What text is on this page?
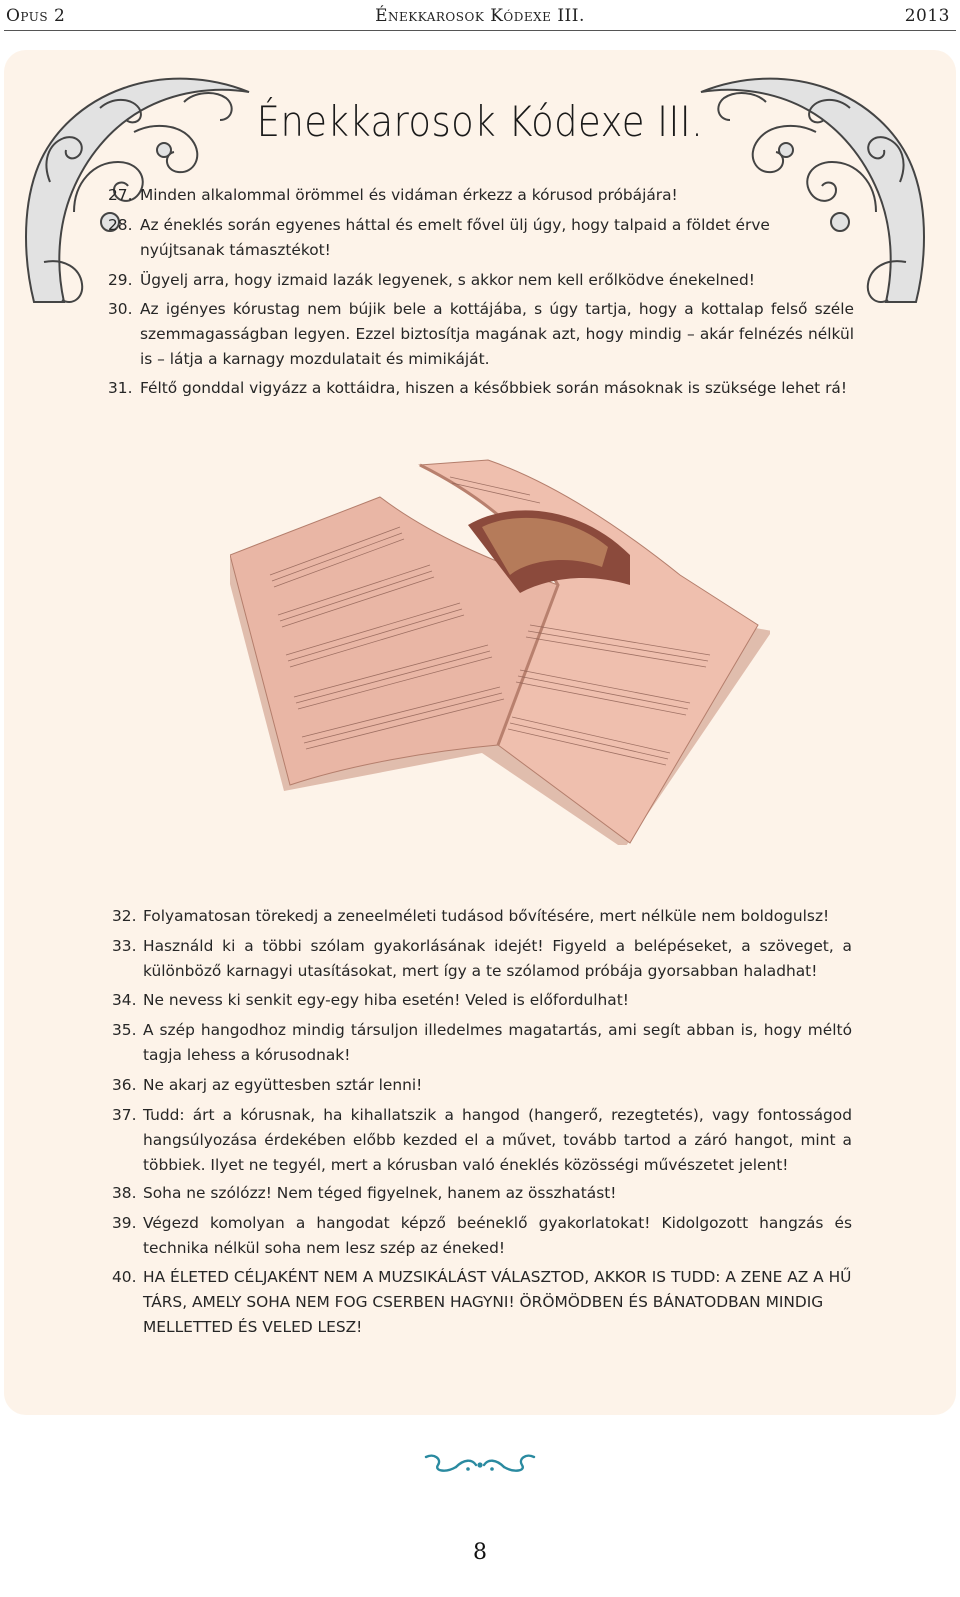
Opus 2	Énekkarosok Kódexe III.	2013
Énekkarosok Kódexe III.
27. Minden alkalommal örömmel és vidáman érkezz a kórusod próbájára!
28. Az éneklés során egyenes háttal és emelt fővel ülj úgy, hogy talpaid a földet érve nyújtsanak támasztékot!
29. Ügyelj arra, hogy izmaid lazák legyenek, s akkor nem kell erőlködve énekelned!
30. Az igényes kórustag nem bújik bele a kottájába, s úgy tartja, hogy a kottalap felső széle szemmagasságban legyen. Ezzel biztosítja magának azt, hogy mindig – akár felnézés nélkül is – látja a karnagy mozdulatait és mimikáját.
31. Féltő gonddal vigyázz a kottáidra, hiszen a későbbiek során másoknak is szüksége lehet rá!
32. Folyamatosan törekedj a zeneelméleti tudásod bővítésére, mert nélküle nem boldogulsz!
33. Használd ki a többi szólam gyakorlásának idejét! Figyeld a belépéseket, a szöveget, a különböző karnagyi utasításokat, mert így a te szólamod próbája gyorsabban haladhat!
34. Ne nevess ki senkit egy-egy hiba esetén! Veled is előfordulhat!
35. A szép hangodhoz mindig társuljon illedelmes magatartás, ami segít abban is, hogy méltó tagja lehess a kórusodnak!
36. Ne akarj az együttesben sztár lenni!
37. Tudd: árt a kórusnak, ha kihallatszik a hangod (hangerő, rezegtetés), vagy fontosságod hangsúlyozása érdekében előbb kezded el a művet, tovább tartod a záró hangot, mint a többiek. Ilyet ne tegyél, mert a kórusban való éneklés közösségi művészetet jelent!
38. Soha ne szólózz! Nem téged figyelnek, hanem az összhatást!
39. Végezd komolyan a hangodat képző beéneklő gyakorlatokat! Kidolgozott hangzás és technika nélkül soha nem lesz szép az éneked!
40. HA ÉLETED CÉLJAKÉNT NEM A MUZSIKÁLÁST VÁLASZTOD, AKKOR IS TUDD: A ZENE AZ A HŰ TÁRS, AMELY SOHA NEM FOG CSERBEN HAGYNI! ÖRÖMÖDBEN ÉS BÁNATODBAN MINDIG MELLETTED ÉS VELED LESZ!
8
